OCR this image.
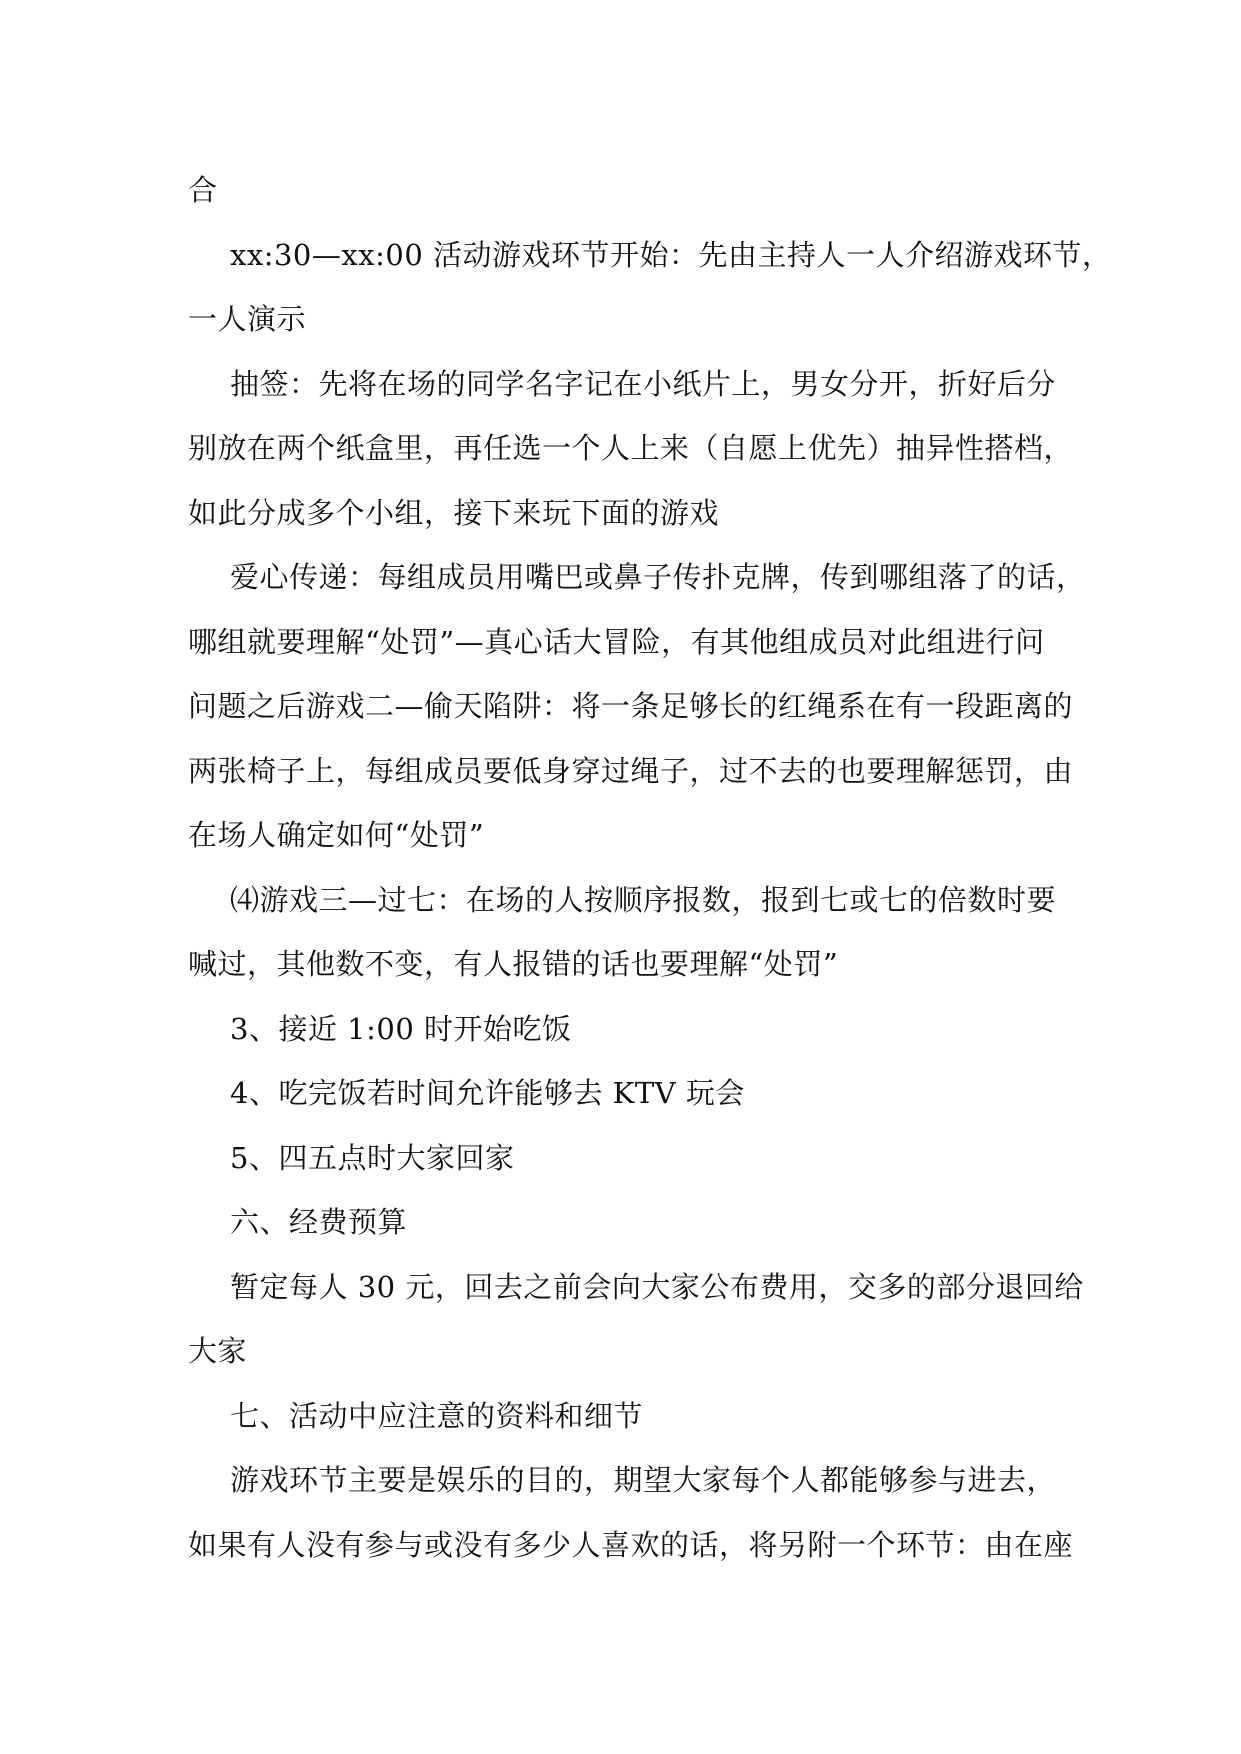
合

xx:30—xx:00 活动游戏环节开始：先由主持人一人介绍游戏环节，

一人演示

抽签：先将在场的同学名字记在小纸片上，男女分开，折好后分

别放在两个纸盒里，再任选一个人上来（自愿上优先）抽异性搭档，

如此分成多个小组，接下来玩下面的游戏

爱心传递：每组成员用嘴巴或鼻子传扑克牌，传到哪组落了的话，

哪组就要理解“处罚”—真心话大冒险，有其他组成员对此组进行问

问题之后游戏二—偷天陷阱：将一条足够长的红绳系在有一段距离的

两张椅子上，每组成员要低身穿过绳子，过不去的也要理解惩罚，由

在场人确定如何“处罚”

⑷游戏三—过七：在场的人按顺序报数，报到七或七的倍数时要

喊过，其他数不变，有人报错的话也要理解“处罚”

3、接近 1:00 时开始吃饭

4、吃完饭若时间允许能够去 KTV 玩会

5、四五点时大家回家

六、经费预算

暂定每人 30 元，回去之前会向大家公布费用，交多的部分退回给

大家

七、活动中应注意的资料和细节

游戏环节主要是娱乐的目的，期望大家每个人都能够参与进去，

如果有人没有参与或没有多少人喜欢的话，将另附一个环节：由在座
